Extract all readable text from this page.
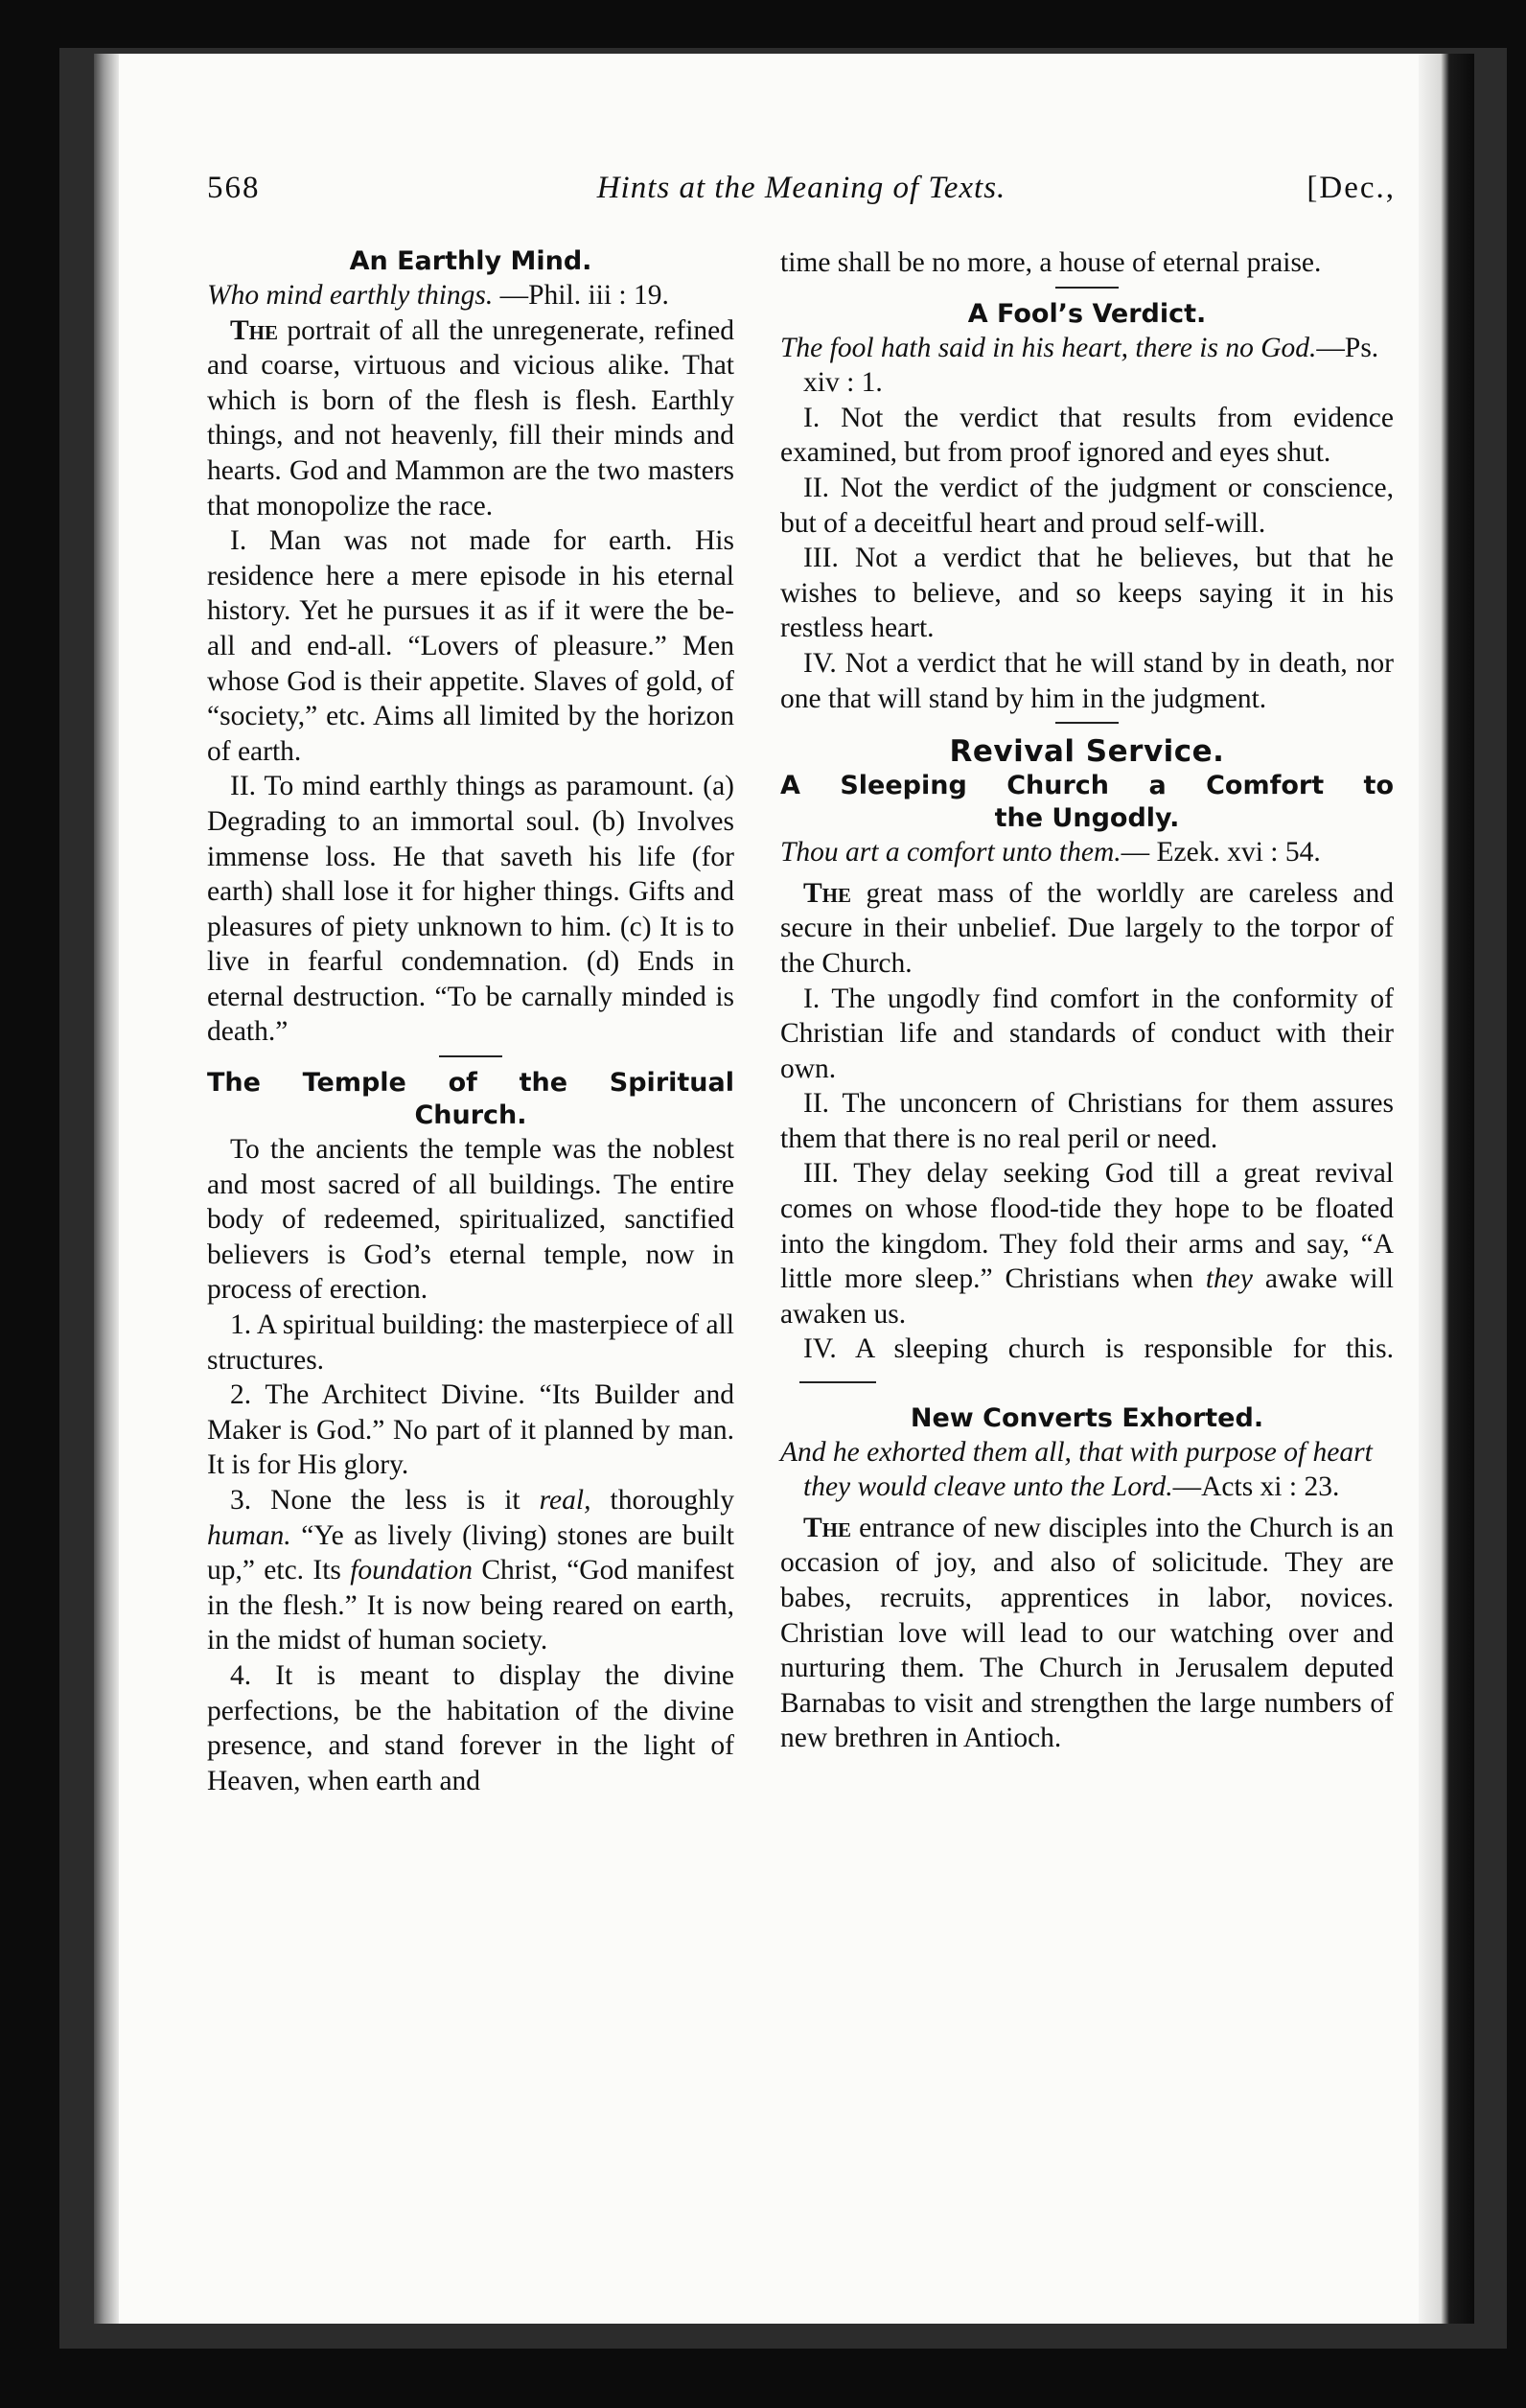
568	Hints at the Meaning of Texts.	[Dec.,

An Earthly Mind.

Who mind earthly things. —Phil. iii : 19.

The portrait of all the unregenerate, refined and coarse, virtuous and vicious alike. That which is born of the flesh is flesh. Earthly things, and not heavenly, fill their minds and hearts. God and Mammon are the two masters that monopolize the race.

I. Man was not made for earth. His residence here a mere episode in his eternal history. Yet he pursues it as if it were the be-all and end-all. “Lovers of pleasure.” Men whose God is their appetite. Slaves of gold, of “society,” etc. Aims all limited by the horizon of earth.

II. To mind earthly things as paramount. (a) Degrading to an immortal soul. (b) Involves immense loss. He that saveth his life (for earth) shall lose it for higher things. Gifts and pleasures of piety unknown to him. (c) It is to live in fearful condemnation. (d) Ends in eternal destruction. “To be carnally minded is death.”

The Temple of the Spiritual

Church.

To the ancients the temple was the noblest and most sacred of all buildings. The entire body of redeemed, spiritualized, sanctified believers is God’s eternal temple, now in process of erection.

1. A spiritual building: the masterpiece of all structures.

2. The Architect Divine. “Its Builder and Maker is God.” No part of it planned by man. It is for His glory.

3. None the less is it real, thoroughly human. “Ye as lively (living) stones are built up,” etc. Its foundation Christ, “God manifest in the flesh.” It is now being reared on earth, in the midst of human society.

4. It is meant to display the divine perfections, be the habitation of the divine presence, and stand forever in the light of Heaven, when earth and

time shall be no more, a house of eternal praise.

A Fool’s Verdict.

The fool hath said in his heart, there is no God.—Ps. xiv : 1.

I. Not the verdict that results from evidence examined, but from proof ignored and eyes shut.

II. Not the verdict of the judgment or conscience, but of a deceitful heart and proud self-will.

III. Not a verdict that he believes, but that he wishes to believe, and so keeps saying it in his restless heart.

IV. Not a verdict that he will stand by in death, nor one that will stand by him in the judgment.

Revival Service.

A Sleeping Church a Comfort to

the Ungodly.

Thou art a comfort unto them.— Ezek. xvi : 54.

The great mass of the worldly are careless and secure in their unbelief. Due largely to the torpor of the Church.

I. The ungodly find comfort in the conformity of Christian life and standards of conduct with their own.

II. The unconcern of Christians for them assures them that there is no real peril or need.

III. They delay seeking God till a great revival comes on whose flood-tide they hope to be floated into the kingdom. They fold their arms and say, “A little more sleep.” Christians when they awake will awaken us.

IV. A sleeping church is responsible for this.

New Converts Exhorted.

And he exhorted them all, that with purpose of heart they would cleave unto the Lord.—Acts xi : 23.

The entrance of new disciples into the Church is an occasion of joy, and also of solicitude. They are babes, recruits, apprentices in labor, novices. Christian love will lead to our watching over and nurturing them. The Church in Jerusalem deputed Barnabas to visit and strengthen the large numbers of new brethren in Antioch.
